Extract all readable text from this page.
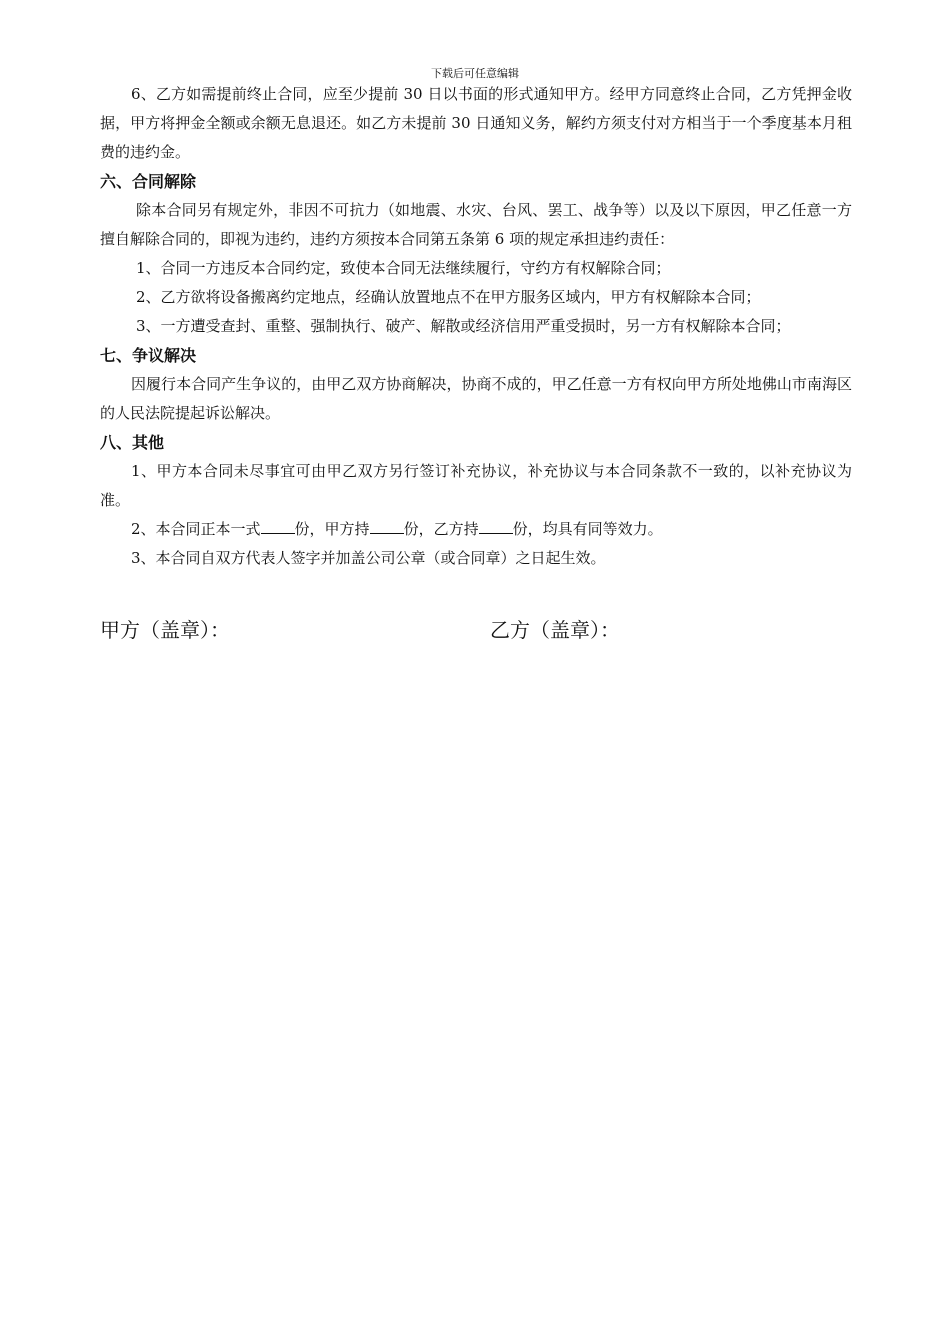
下载后可任意编辑

6、乙方如需提前终止合同，应至少提前 30 日以书面的形式通知甲方。经甲方同意终止合同，乙方凭押金收据，甲方将押金全额或余额无息退还。如乙方未提前 30 日通知义务，解约方须支付对方相当于一个季度基本月租费的违约金。

六、合同解除

除本合同另有规定外，非因不可抗力（如地震、水灾、台风、罢工、战争等）以及以下原因，甲乙任意一方擅自解除合同的，即视为违约，违约方须按本合同第五条第 6 项的规定承担违约责任：

1、合同一方违反本合同约定，致使本合同无法继续履行，守约方有权解除合同；

2、乙方欲将设备搬离约定地点，经确认放置地点不在甲方服务区域内，甲方有权解除本合同；

3、一方遭受查封、重整、强制执行、破产、解散或经济信用严重受损时，另一方有权解除本合同；

七、争议解决

因履行本合同产生争议的，由甲乙双方协商解决，协商不成的，甲乙任意一方有权向甲方所处地佛山市南海区的人民法院提起诉讼解决。

八、其他

1、甲方本合同未尽事宜可由甲乙双方另行签订补充协议，补充协议与本合同条款不一致的，以补充协议为准。

2、本合同正本一式 份，甲方持 份，乙方持 份，均具有同等效力。

3、本合同自双方代表人签字并加盖公司公章（或合同章）之日起生效。

甲方（盖章）：	乙方（盖章）：
